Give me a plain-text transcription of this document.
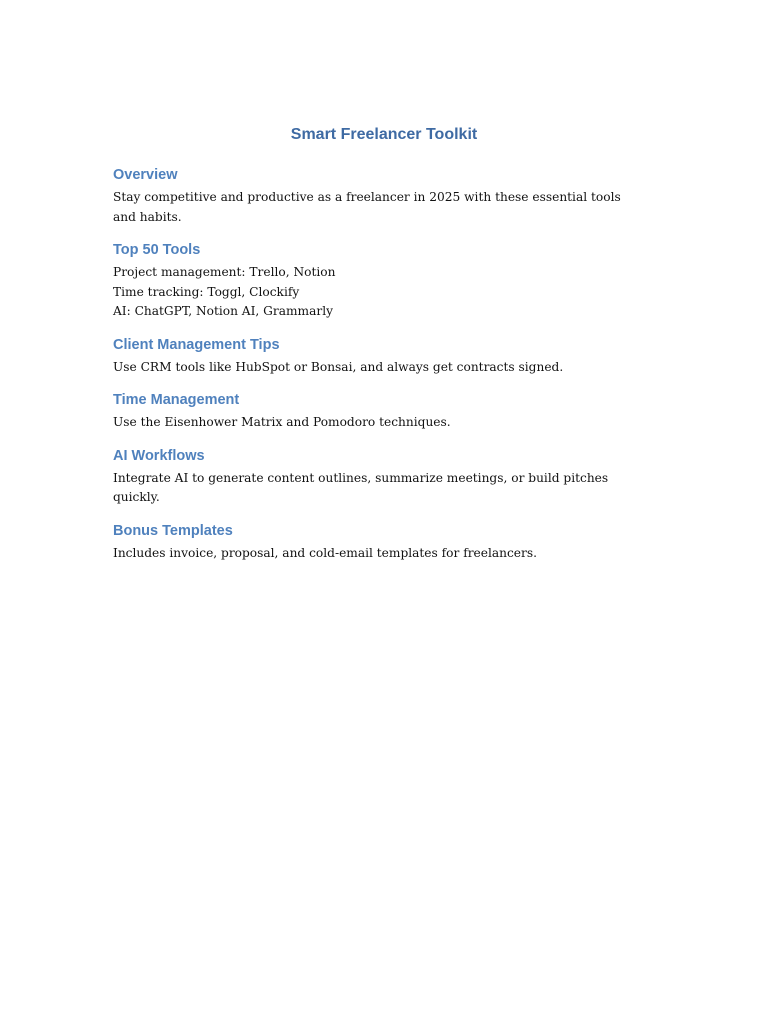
Smart Freelancer Toolkit
Overview

Stay competitive and productive as a freelancer in 2025 with these essential tools and habits.

Top 50 Tools

Project management: Trello, Notion
Time tracking: Toggl, Clockify
AI: ChatGPT, Notion AI, Grammarly

Client Management Tips

Use CRM tools like HubSpot or Bonsai, and always get contracts signed.

Time Management

Use the Eisenhower Matrix and Pomodoro techniques.

AI Workflows

Integrate AI to generate content outlines, summarize meetings, or build pitches quickly.

Bonus Templates

Includes invoice, proposal, and cold-email templates for freelancers.
